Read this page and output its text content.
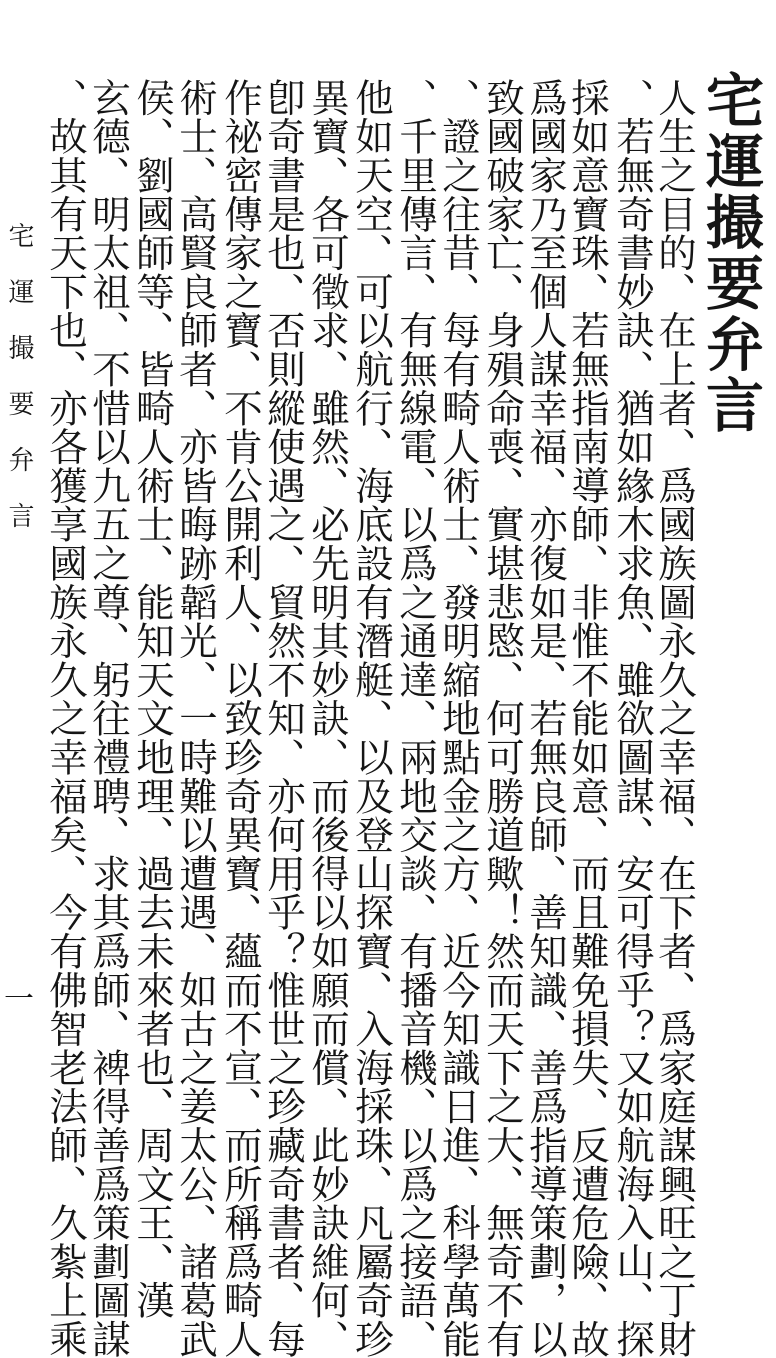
宅運撮要弁言
人生之目的、在上者、爲國族圖永久之幸福、在下者、爲家庭謀興旺之丁財
、若無奇書妙訣、猶如緣木求魚、雖欲圖謀、安可得乎？又如航海入山、探
採如意寶珠、若無指南導師、非惟不能如意、而且難免損失、反遭危險、故
爲國家乃至個人謀幸福、亦復如是、若無良師、善知識、善爲指導策劃，以
致國破家亡、身殞命喪、實堪悲愍、何可勝道歟！然而天下之大、無奇不有
、證之往昔、每有畸人術士、發明縮地點金之方、近今知識日進、科學萬能
、千里傳言、有無線電、以爲之通達、兩地交談、有播音機、以爲之接語、
他如天空、可以航行、海底設有潛艇、以及登山探寶、入海採珠、凡屬奇珍
異寶、各可徵求、雖然、必先明其妙訣、而後得以如願而償、此妙訣維何、
卽奇書是也、否則縱使遇之、貿然不知、亦何用乎？惟世之珍藏奇書者、每
作祕密傳家之寶、不肯公開利人、以致珍奇異寶、蘊而不宣、而所稱爲畸人
術士、高賢良師者、亦皆晦跡韜光、一時難以遭遇、如古之姜太公、諸葛武
侯、劉國師等、皆畸人術士、能知天文地理、過去未來者也、周文王、漢
玄德、明太祖、不惜以九五之尊、躬往禮聘、求其爲師、裨得善爲策劃圖謀
、故其有天下也、亦各獲享國族永久之幸福矣、今有佛智老法師、久紮上乘
宅運撮要弁言
一
